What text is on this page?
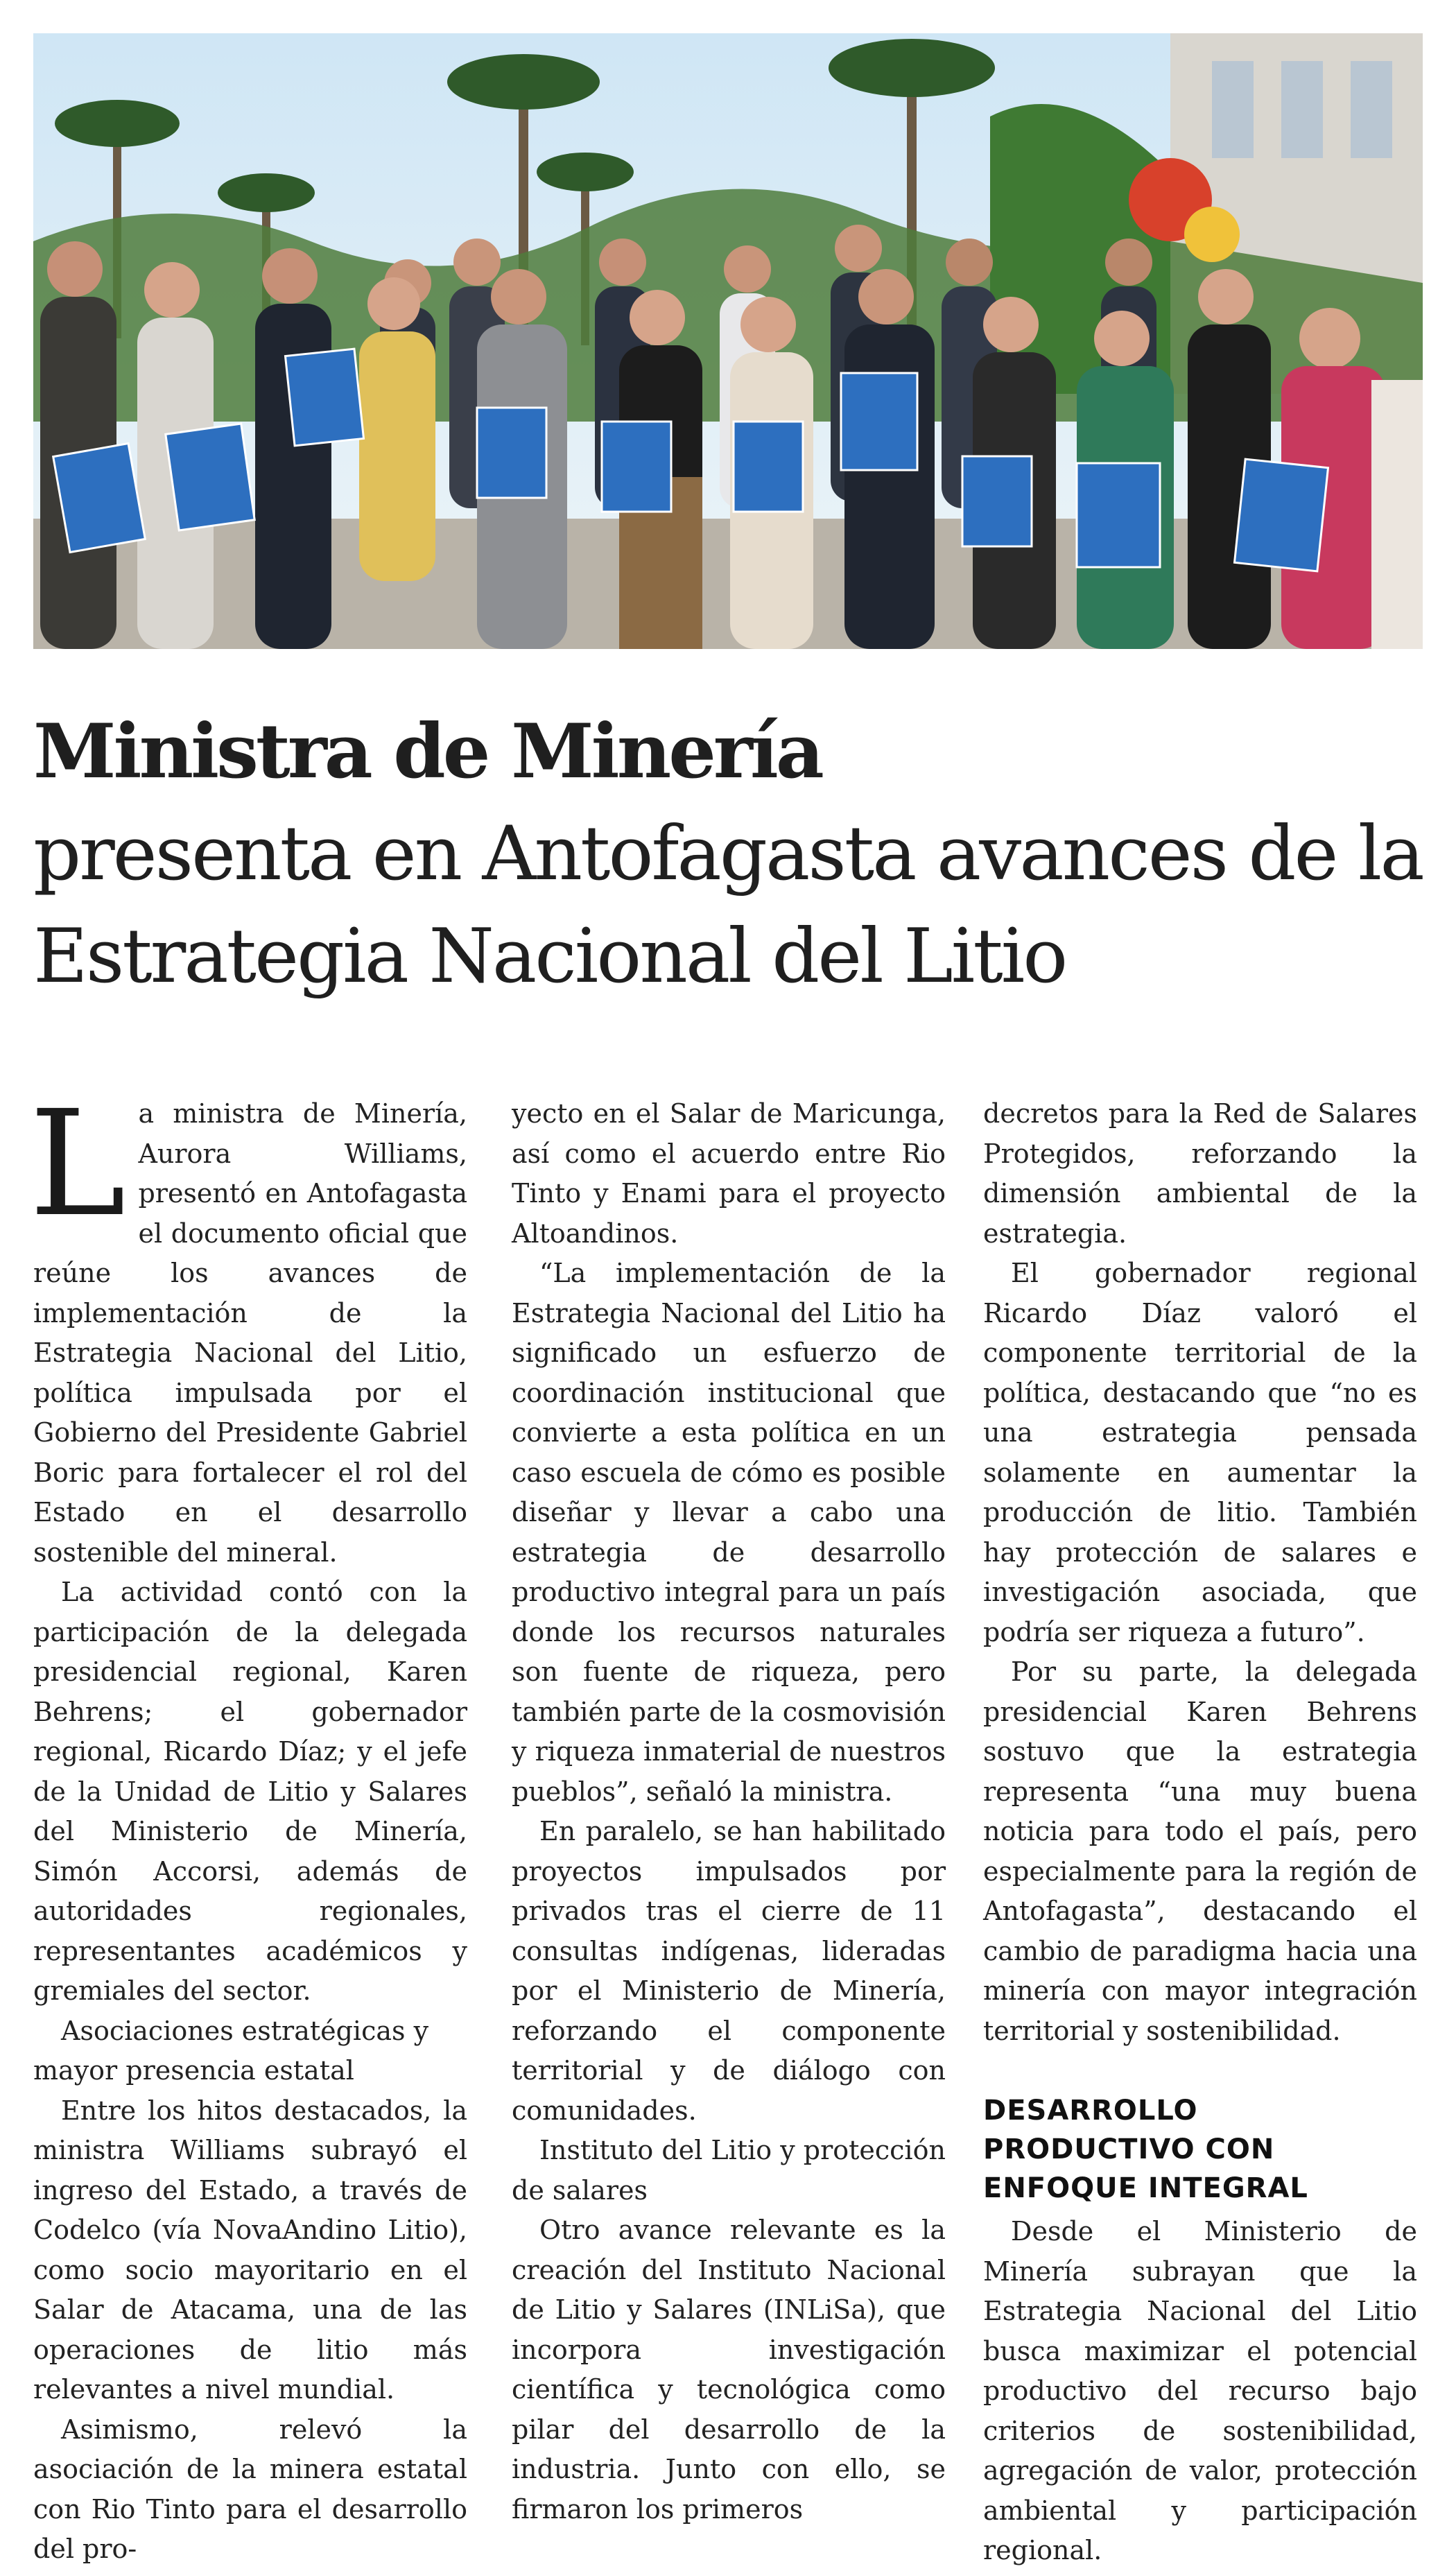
Ministra de Minería
presenta en Antofagasta avances de la Estrategia Nacional del Litio

La ministra de Minería, Aurora Williams, presentó en Antofagasta el documento oficial que reúne los avances de implementación de la Estrategia Nacional del Litio, política impulsada por el Gobierno del Presidente Gabriel Boric para fortalecer el rol del Estado en el desarrollo sostenible del mineral.

La actividad contó con la participación de la delegada presidencial regional, Karen Behrens; el gobernador regional, Ricardo Díaz; y el jefe de la Unidad de Litio y Salares del Ministerio de Minería, Simón Accorsi, además de autoridades regionales, representantes académicos y gremiales del sector.

Asociaciones estratégicas y mayor presencia estatal

Entre los hitos destacados, la ministra Williams subrayó el ingreso del Estado, a través de Codelco (vía NovaAndino Litio), como socio mayoritario en el Salar de Atacama, una de las operaciones de litio más relevantes a nivel mundial.

Asimismo, relevó la asociación de la minera estatal con Rio Tinto para el desarrollo del pro-

yecto en el Salar de Maricunga, así como el acuerdo entre Rio Tinto y Enami para el proyecto Altoandinos.

“La implementación de la Estrategia Nacional del Litio ha significado un esfuerzo de coordinación institucional que convierte a esta política en un caso escuela de cómo es posible diseñar y llevar a cabo una estrategia de desarrollo productivo integral para un país donde los recursos naturales son fuente de riqueza, pero también parte de la cosmovisión y riqueza inmaterial de nuestros pueblos”, señaló la ministra.

En paralelo, se han habilitado proyectos impulsados por privados tras el cierre de 11 consultas indígenas, lideradas por el Ministerio de Minería, reforzando el componente territorial y de diálogo con comunidades.

Instituto del Litio y protección de salares

Otro avance relevante es la creación del Instituto Nacional de Litio y Salares (INLiSa), que incorpora investigación científica y tecnológica como pilar del desarrollo de la industria. Junto con ello, se firmaron los primeros

decretos para la Red de Salares Protegidos, reforzando la dimensión ambiental de la estrategia.

El gobernador regional Ricardo Díaz valoró el componente territorial de la política, destacando que “no es una estrategia pensada solamente en aumentar la producción de litio. También hay protección de salares e investigación asociada, que podría ser riqueza a futuro”.

Por su parte, la delegada presidencial Karen Behrens sostuvo que la estrategia representa “una muy buena noticia para todo el país, pero especialmente para la región de Antofagasta”, destacando el cambio de paradigma hacia una minería con mayor integración territorial y sostenibilidad.

DESARROLLO PRODUCTIVO CON ENFOQUE INTEGRAL

Desde el Ministerio de Minería subrayan que la Estrategia Nacional del Litio busca maximizar el potencial productivo del recurso bajo criterios de sostenibilidad, agregación de valor, protección ambiental y participación regional.
